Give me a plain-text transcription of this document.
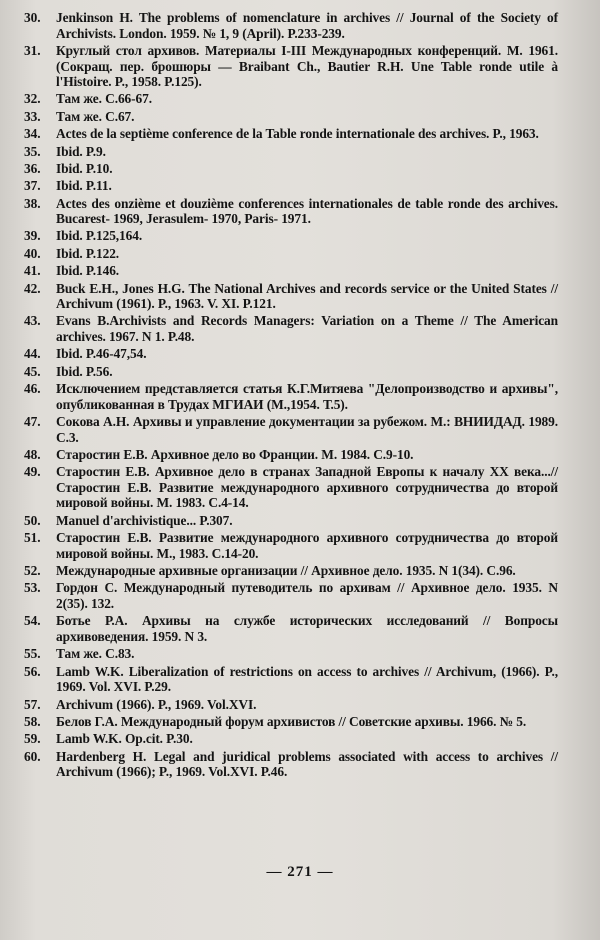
30.	Jenkinson H. The problems of nomenclature in archives // Journal of the Society of Archivists. London. 1959. № 1, 9 (April). P.233-239.
31.	Круглый стол архивов. Материалы I-III Международных конференций. М. 1961. (Сокращ. пер. брошюры — Braibant Ch., Bautier R.H. Une Table ronde utile à l'Histoire. P., 1958. P.125).
32.	Там же. С.66-67.
33.	Там же. С.67.
34.	Actes de la septième conference de la Table ronde internationale des archives. P., 1963.
35.	Ibid. P.9.
36.	Ibid. P.10.
37.	Ibid. P.11.
38.	Actes des onzième et douzième conferences internationales de table ronde des archives. Bucarest- 1969, Jerasulem- 1970, Paris- 1971.
39.	Ibid. P.125,164.
40.	Ibid. P.122.
41.	Ibid. P.146.
42.	Buck E.H., Jones H.G. The National Archives and records service or the United States // Archivum (1961). P., 1963. V. XI. P.121.
43.	Evans B.Archivists and Records Managers: Variation on a Theme // The American archives. 1967. N 1. P.48.
44.	Ibid. P.46-47,54.
45.	Ibid. P.56.
46.	Исключением представляется статья К.Г.Митяева "Делопроизводство и архивы", опубликованная в Трудах МГИАИ (М.,1954. Т.5).
47.	Сокова А.Н. Архивы и управление документации за рубежом. М.: ВНИИДАД. 1989. С.3.
48.	Старостин Е.В. Архивное дело во Франции. М. 1984. С.9-10.
49.	Старостин Е.В. Архивное дело в странах Западной Европы к началу XX века...// Старостин Е.В. Развитие международного архивного сотрудничества до второй мировой войны. М. 1983. С.4-14.
50.	Manuel d'archivistique... P.307.
51.	Старостин Е.В. Развитие международного архивного сотрудничества до второй мировой войны. М., 1983. С.14-20.
52.	Международные архивные организации // Архивное дело. 1935. N 1(34). С.96.
53.	Гордон С. Международный путеводитель по архивам // Архивное дело. 1935. N 2(35). 132.
54.	Ботье Р.А. Архивы на службе исторических исследований // Вопросы архивоведения. 1959. N 3.
55.	Там же. С.83.
56.	Lamb W.K. Liberalization of restrictions on access to archives // Archivum, (1966). P., 1969. Vol. XVI. P.29.
57.	Archivum (1966). P., 1969. Vol.XVI.
58.	Белов Г.А. Международный форум архивистов // Советские архивы. 1966. № 5.
59.	Lamb W.K. Op.cit. P.30.
60.	Hardenberg H. Legal and juridical problems associated with access to archives // Archivum (1966); P., 1969. Vol.XVI. P.46.
— 271 —
